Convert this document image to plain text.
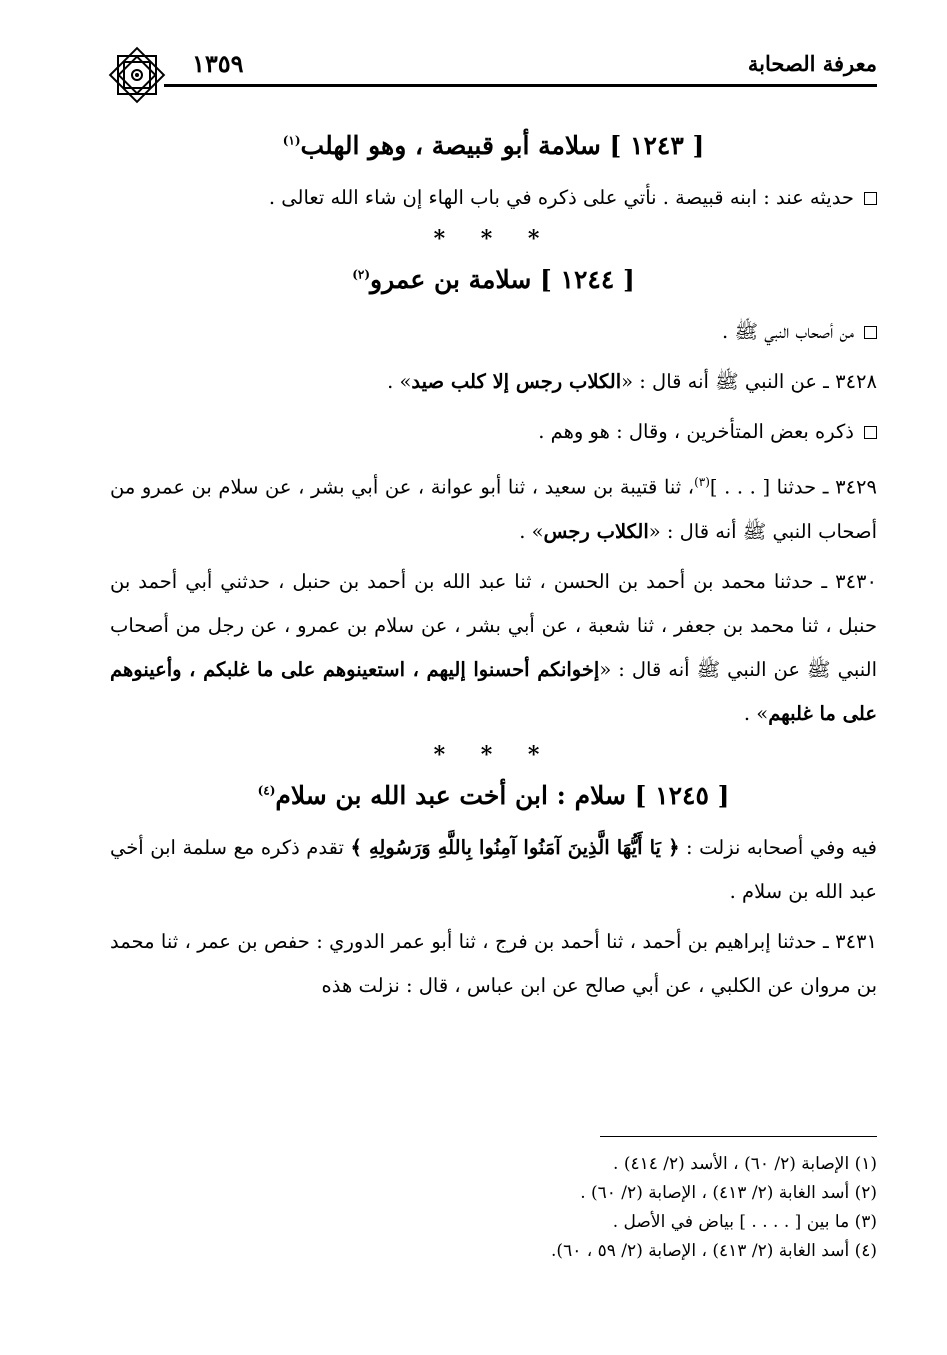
معرفة الصحابة
١٣٥٩
[ ١٢٤٣ ] سلامة أبو قبيصة ، وهو الهلب$^{(١)}$

حديثه عند : ابنه قبيصة . نأتي على ذكره في باب الهاء إن شاء الله تعالى .

* * *
[ ١٢٤٤ ] سلامة بن عمرو$^{(٢)}$

من أصحاب النبي ﷺ .

٣٤٢٨ ـ عن النبي ﷺ أنه قال : «الكلاب رجس إلا كلب صيد» .

ذكره بعض المتأخرين ، وقال : هو وهم .

٣٤٢٩ ـ حدثنا [ . . . ]$^{(٣)}$، ثنا قتيبة بن سعيد ، ثنا أبو عوانة ، عن أبي بشر ، عن سلام بن عمرو من أصحاب النبي ﷺ أنه قال : «الكلاب رجس» .

٣٤٣٠ ـ حدثنا محمد بن أحمد بن الحسن ، ثنا عبد الله بن أحمد بن حنبل ، حدثني أبي أحمد بن حنبل ، ثنا محمد بن جعفر ، ثنا شعبة ، عن أبي بشر ، عن سلام بن عمرو ، عن رجل من أصحاب النبي ﷺ عن النبي ﷺ أنه قال : «إخوانكم أحسنوا إليهم ، استعينوهم على ما غلبكم ، وأعينوهم على ما غلبهم» .

* * *
[ ١٢٤٥ ] سلام : ابن أخت عبد الله بن سلام$^{(٤)}$

فيه وفي أصحابه نزلت : ﴿ يَا أَيُّهَا الَّذِينَ آمَنُوا آمِنُوا بِاللَّهِ وَرَسُولِهِ ﴾ تقدم ذكره مع سلمة ابن أخي عبد الله بن سلام .

٣٤٣١ ـ حدثنا إبراهيم بن أحمد ، ثنا أحمد بن فرج ، ثنا أبو عمر الدوري : حفص بن عمر ، ثنا محمد بن مروان عن الكلبي ، عن أبي صالح عن ابن عباس ، قال : نزلت هذه

(١) الإصابة (٢/ ٦٠) ، الأسد (٢/ ٤١٤) .
(٢) أسد الغابة (٢/ ٤١٣) ، الإصابة (٢/ ٦٠) .
(٣) ما بين [ . . . . ] بياض في الأصل .
(٤) أسد الغابة (٢/ ٤١٣) ، الإصابة (٢/ ٥٩ ، ٦٠).
